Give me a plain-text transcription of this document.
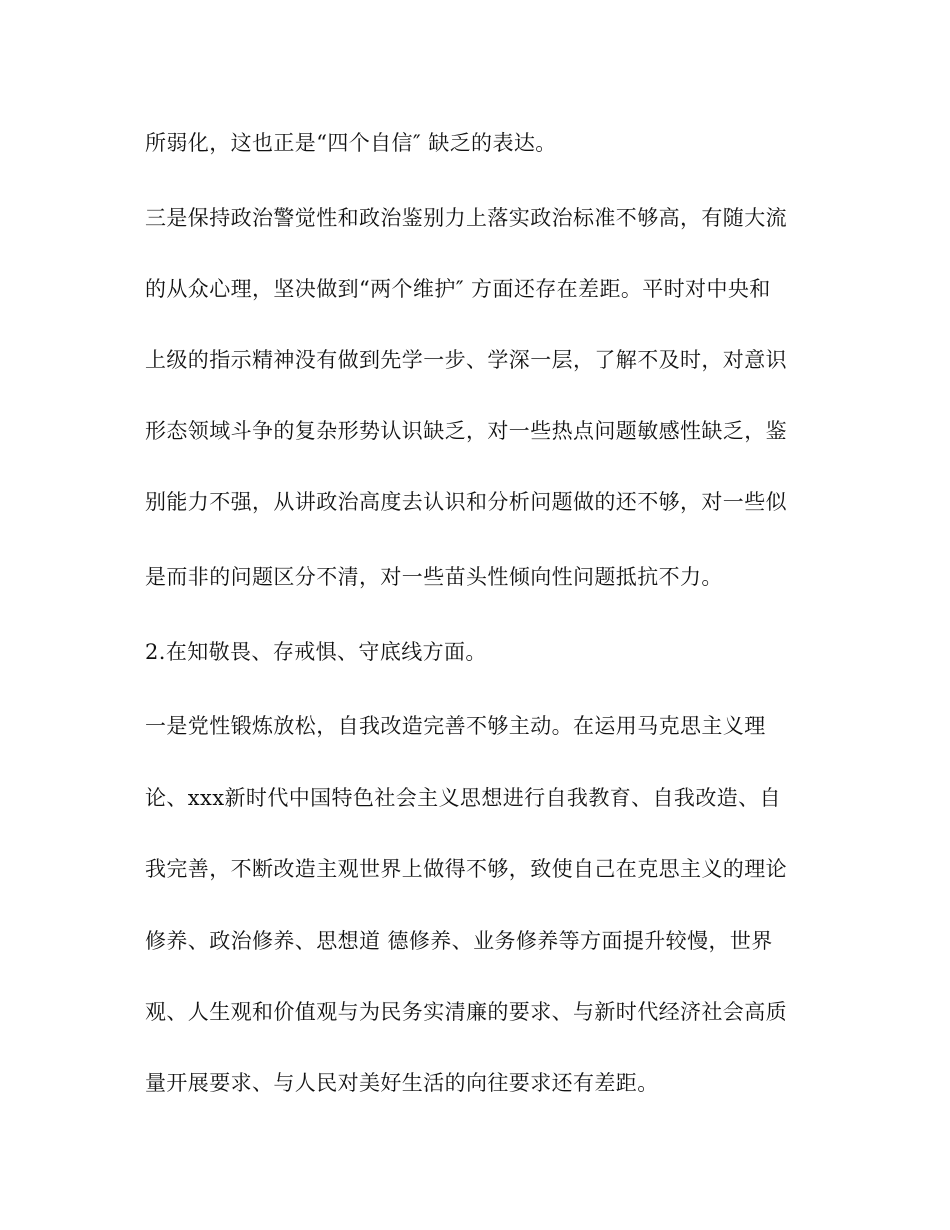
所弱化，这也正是“四个自信″ 缺乏的表达。
三是保持政治警觉性和政治鉴别力上落实政治标准不够高，有随大流
的从众心理，坚决做到“两个维护″ 方面还存在差距。平时对中央和
上级的指示精神没有做到先学一步、学深一层，了解不及时，对意识
形态领域斗争的复杂形势认识缺乏，对一些热点问题敏感性缺乏，鉴
别能力不强，从讲政治高度去认识和分析问题做的还不够，对一些似
是而非的问题区分不清，对一些苗头性倾向性问题抵抗不力。
2.在知敬畏、存戒惧、守底线方面。
一是党性锻炼放松，自我改造完善不够主动。在运用马克思主义理
论、xxx新时代中国特色社会主义思想进行自我教育、自我改造、自
我完善，不断改造主观世界上做得不够，致使自己在克思主义的理论
修养、政治修养、思想道 德修养、业务修养等方面提升较慢，世界
观、人生观和价值观与为民务实清廉的要求、与新时代经济社会高质
量开展要求、与人民对美好生活的向往要求还有差距。
